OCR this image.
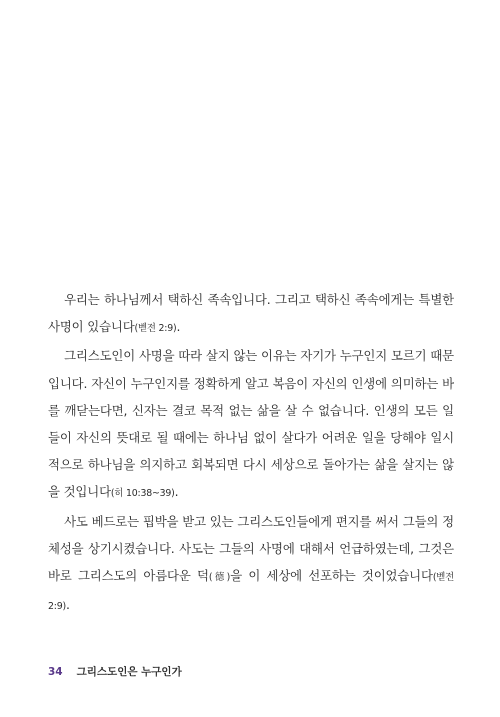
우리는 하나님께서 택하신 족속입니다. 그리고 택하신 족속에게는 특별한 사명이 있습니다(벧전 2:9).

그리스도인이 사명을 따라 살지 않는 이유는 자기가 누구인지 모르기 때문입니다. 자신이 누구인지를 정확하게 알고 복음이 자신의 인생에 의미하는 바를 깨닫는다면, 신자는 결코 목적 없는 삶을 살 수 없습니다. 인생의 모든 일들이 자신의 뜻대로 될 때에는 하나님 없이 살다가 어려운 일을 당해야 일시적으로 하나님을 의지하고 회복되면 다시 세상으로 돌아가는 삶을 살지는 않을 것입니다(히 10:38~39).

사도 베드로는 핍박을 받고 있는 그리스도인들에게 편지를 써서 그들의 정체성을 상기시켰습니다. 사도는 그들의 사명에 대해서 언급하였는데, 그것은 바로 그리스도의 아름다운 덕(德)을 이 세상에 선포하는 것이었습니다(벧전 2:9).

34 그리스도인은 누구인가
